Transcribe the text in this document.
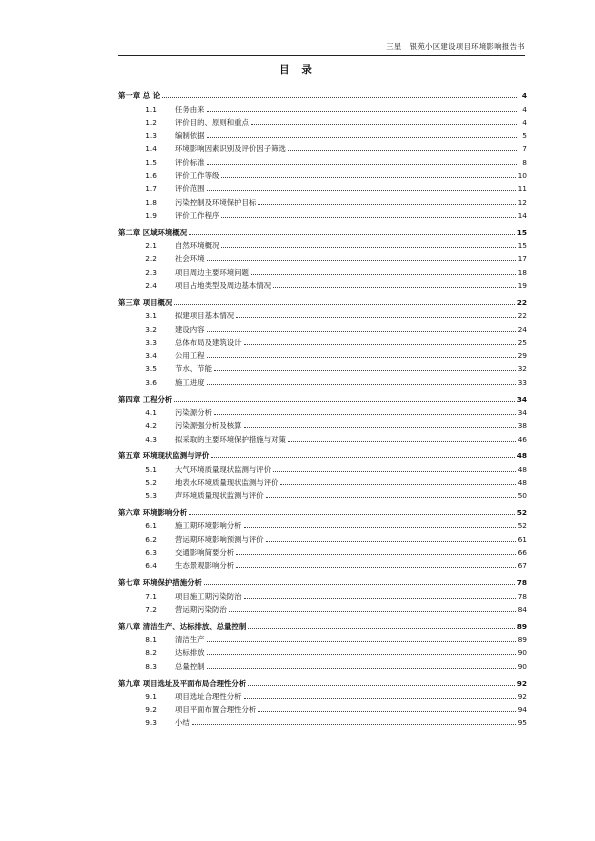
三星 银苑小区建设项目环境影响报告书
目 录
第一章 总 论	4
1.1	任务由来	4
1.2	评价目的、原则和重点	4
1.3	编制依据	5
1.4	环境影响因素识别及评价因子筛选	7
1.5	评价标准	8
1.6	评价工作等级	10
1.7	评价范围	11
1.8	污染控制及环境保护目标	12
1.9	评价工作程序	14
第二章 区域环境概况	15
2.1	自然环境概况	15
2.2	社会环境	17
2.3	项目周边主要环境问题	18
2.4	项目占地类型及周边基本情况	19
第三章 项目概况	22
3.1	拟建项目基本情况	22
3.2	建设内容	24
3.3	总体布局及建筑设计	25
3.4	公用工程	29
3.5	节水、节能	32
3.6	施工进度	33
第四章 工程分析	34
4.1	污染源分析	34
4.2	污染源强分析及核算	38
4.3	拟采取的主要环境保护措施与对策	46
第五章 环境现状监测与评价	48
5.1	大气环境质量现状监测与评价	48
5.2	地表水环境质量现状监测与评价	48
5.3	声环境质量现状监测与评价	50
第六章 环境影响分析	52
6.1	施工期环境影响分析	52
6.2	营运期环境影响预测与评价	61
6.3	交通影响简要分析	66
6.4	生态景观影响分析	67
第七章 环境保护措施分析	78
7.1	项目施工期污染防治	78
7.2	营运期污染防治	84
第八章 清洁生产、达标排放、总量控制	89
8.1	清洁生产	89
8.2	达标排放	90
8.3	总量控制	90
第九章 项目选址及平面布局合理性分析	92
9.1	项目选址合理性分析	92
9.2	项目平面布置合理性分析	94
9.3	小结	95
